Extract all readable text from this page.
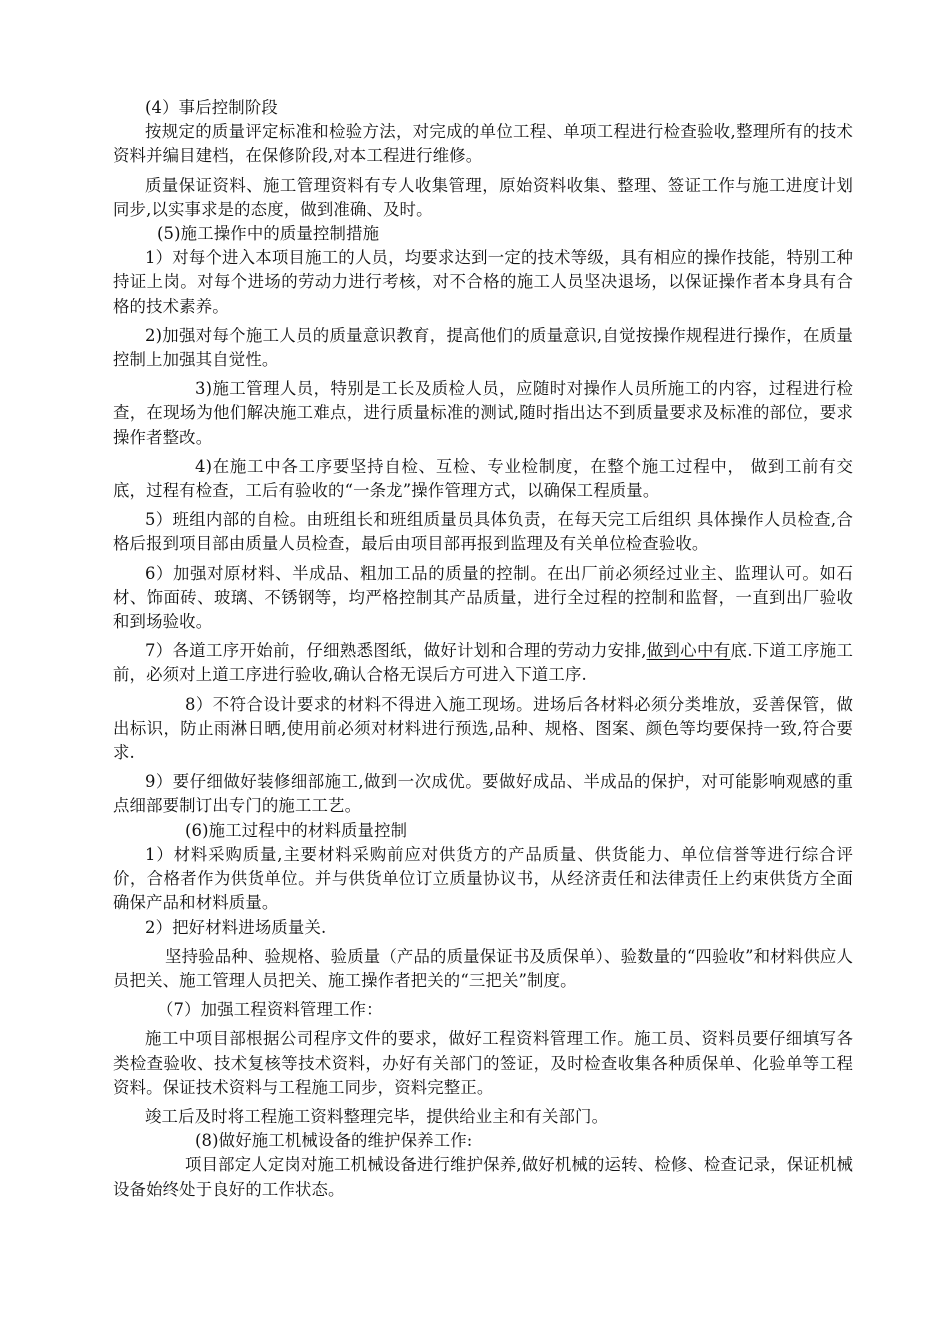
(4）事后控制阶段

按规定的质量评定标准和检验方法，对完成的单位工程、单项工程进行检查验收,整理所有的技术资料并编目建档，在保修阶段,对本工程进行维修。

质量保证资料、施工管理资料有专人收集管理，原始资料收集、整理、签证工作与施工进度计划同步,以实事求是的态度，做到准确、及时。

(5)施工操作中的质量控制措施

1）对每个进入本项目施工的人员，均要求达到一定的技术等级，具有相应的操作技能，特别工种持证上岗。对每个进场的劳动力进行考核，对不合格的施工人员坚决退场，以保证操作者本身具有合格的技术素养。

2)加强对每个施工人员的质量意识教育，提高他们的质量意识,自觉按操作规程进行操作，在质量控制上加强其自觉性。

3)施工管理人员，特别是工长及质检人员，应随时对操作人员所施工的内容，过程进行检查，在现场为他们解决施工难点，进行质量标准的测试,随时指出达不到质量要求及标准的部位，要求操作者整改。

4)在施工中各工序要坚持自检、互检、专业检制度，在整个施工过程中， 做到工前有交底，过程有检查，工后有验收的“一条龙”操作管理方式，以确保工程质量。

5）班组内部的自检。由班组长和班组质量员具体负责，在每天完工后组织 具体操作人员检查,合格后报到项目部由质量人员检查，最后由项目部再报到监理及有关单位检查验收。

6）加强对原材料、半成品、粗加工品的质量的控制。在出厂前必须经过业主、监理认可。如石材、饰面砖、玻璃、不锈钢等，均严格控制其产品质量，进行全过程的控制和监督，一直到出厂验收和到场验收。

7）各道工序开始前，仔细熟悉图纸，做好计划和合理的劳动力安排,做到心中有底.下道工序施工前，必须对上道工序进行验收,确认合格无误后方可进入下道工序.

8）不符合设计要求的材料不得进入施工现场。进场后各材料必须分类堆放，妥善保管，做出标识，防止雨淋日晒,使用前必须对材料进行预选,品种、规格、图案、颜色等均要保持一致,符合要求.

9）要仔细做好装修细部施工,做到一次成优。要做好成品、半成品的保护，对可能影响观感的重点细部要制订出专门的施工工艺。

(6)施工过程中的材料质量控制

1）材料采购质量,主要材料采购前应对供货方的产品质量、供货能力、单位信誉等进行综合评价，合格者作为供货单位。并与供货单位订立质量协议书，从经济责任和法律责任上约束供货方全面确保产品和材料质量。

2）把好材料进场质量关.

坚持验品种、验规格、验质量（产品的质量保证书及质保单）、验数量的“四验收”和材料供应人员把关、施工管理人员把关、施工操作者把关的“三把关”制度。

（7）加强工程资料管理工作：

施工中项目部根据公司程序文件的要求，做好工程资料管理工作。施工员、资料员要仔细填写各类检查验收、技术复核等技术资料，办好有关部门的签证，及时检查收集各种质保单、化验单等工程资料。保证技术资料与工程施工同步，资料完整正。

竣工后及时将工程施工资料整理完毕，提供给业主和有关部门。

(8)做好施工机械设备的维护保养工作:

项目部定人定岗对施工机械设备进行维护保养,做好机械的运转、检修、检查记录，保证机械设备始终处于良好的工作状态。
